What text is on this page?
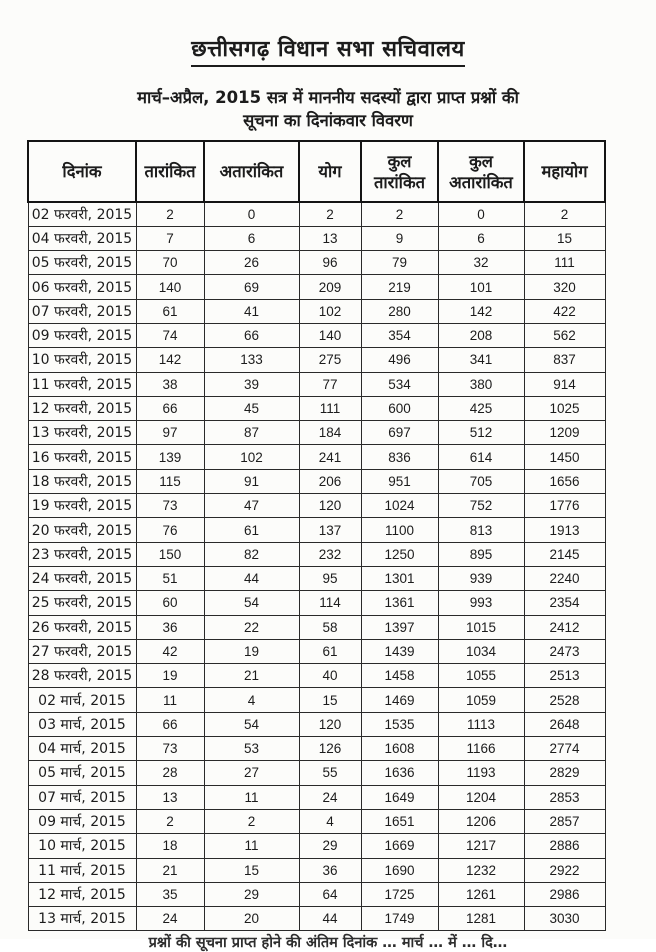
छत्तीसगढ़ विधान सभा सचिवालय
मार्च–अप्रैल, 2015 सत्र में माननीय सदस्यों द्वारा प्राप्त प्रश्नों की
सूचना का दिनांकवार विवरण
दिनांक	तारांकित	अतारांकित	योग	कुल तारांकित	कुल अतारांकित	महायोग
02 फरवरी, 2015	2	0	2	2	0	2
04 फरवरी, 2015	7	6	13	9	6	15
05 फरवरी, 2015	70	26	96	79	32	111
06 फरवरी, 2015	140	69	209	219	101	320
07 फरवरी, 2015	61	41	102	280	142	422
09 फरवरी, 2015	74	66	140	354	208	562
10 फरवरी, 2015	142	133	275	496	341	837
11 फरवरी, 2015	38	39	77	534	380	914
12 फरवरी, 2015	66	45	111	600	425	1025
13 फरवरी, 2015	97	87	184	697	512	1209
16 फरवरी, 2015	139	102	241	836	614	1450
18 फरवरी, 2015	115	91	206	951	705	1656
19 फरवरी, 2015	73	47	120	1024	752	1776
20 फरवरी, 2015	76	61	137	1100	813	1913
23 फरवरी, 2015	150	82	232	1250	895	2145
24 फरवरी, 2015	51	44	95	1301	939	2240
25 फरवरी, 2015	60	54	114	1361	993	2354
26 फरवरी, 2015	36	22	58	1397	1015	2412
27 फरवरी, 2015	42	19	61	1439	1034	2473
28 फरवरी, 2015	19	21	40	1458	1055	2513
02 मार्च, 2015	11	4	15	1469	1059	2528
03 मार्च, 2015	66	54	120	1535	1113	2648
04 मार्च, 2015	73	53	126	1608	1166	2774
05 मार्च, 2015	28	27	55	1636	1193	2829
07 मार्च, 2015	13	11	24	1649	1204	2853
09 मार्च, 2015	2	2	4	1651	1206	2857
10 मार्च, 2015	18	11	29	1669	1217	2886
11 मार्च, 2015	21	15	36	1690	1232	2922
12 मार्च, 2015	35	29	64	1725	1261	2986
13 मार्च, 2015	24	20	44	1749	1281	3030
प्रश्नों की सूचना प्राप्त होने की अंतिम दिनांक … मार्च … में … दि…
